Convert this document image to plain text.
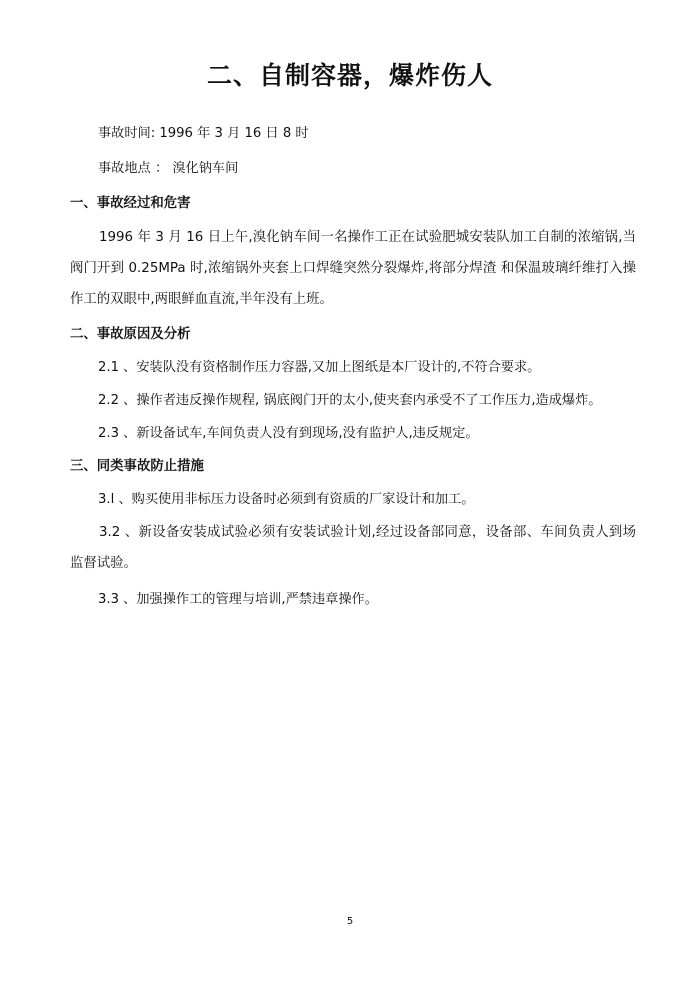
二、自制容器，爆炸伤人
事故时间: 1996 年 3 月 16 日 8 时
事故地点 ： 溴化钠车间
一、事故经过和危害
1996 年 3 月 16 日上午,溴化钠车间一名操作工正在试验肥城安装队加工自制的浓缩锅,当阀门开到 0.25MPa 时,浓缩锅外夹套上口焊缝突然分裂爆炸,将部分焊渣 和保温玻璃纤维打入操作工的双眼中,两眼鲜血直流,半年没有上班。
二、事故原因及分析
2.1 、安装队没有资格制作压力容器,又加上图纸是本厂设计的,不符合要求。
2.2 、操作者违反操作规程, 锅底阀门开的太小,使夹套内承受不了工作压力,造成爆炸。
2.3 、新设备试车,车间负责人没有到现场,没有监护人,违反规定。
三、同类事故防止措施
3.l 、购买使用非标压力设备时必须到有资质的厂家设计和加工。
3.2 、新设备安装成试验必须有安装试验计划,经过设备部同意，设备部、车间负责人到场监督试验。
3.3 、加强操作工的管理与培训,严禁违章操作。
5
